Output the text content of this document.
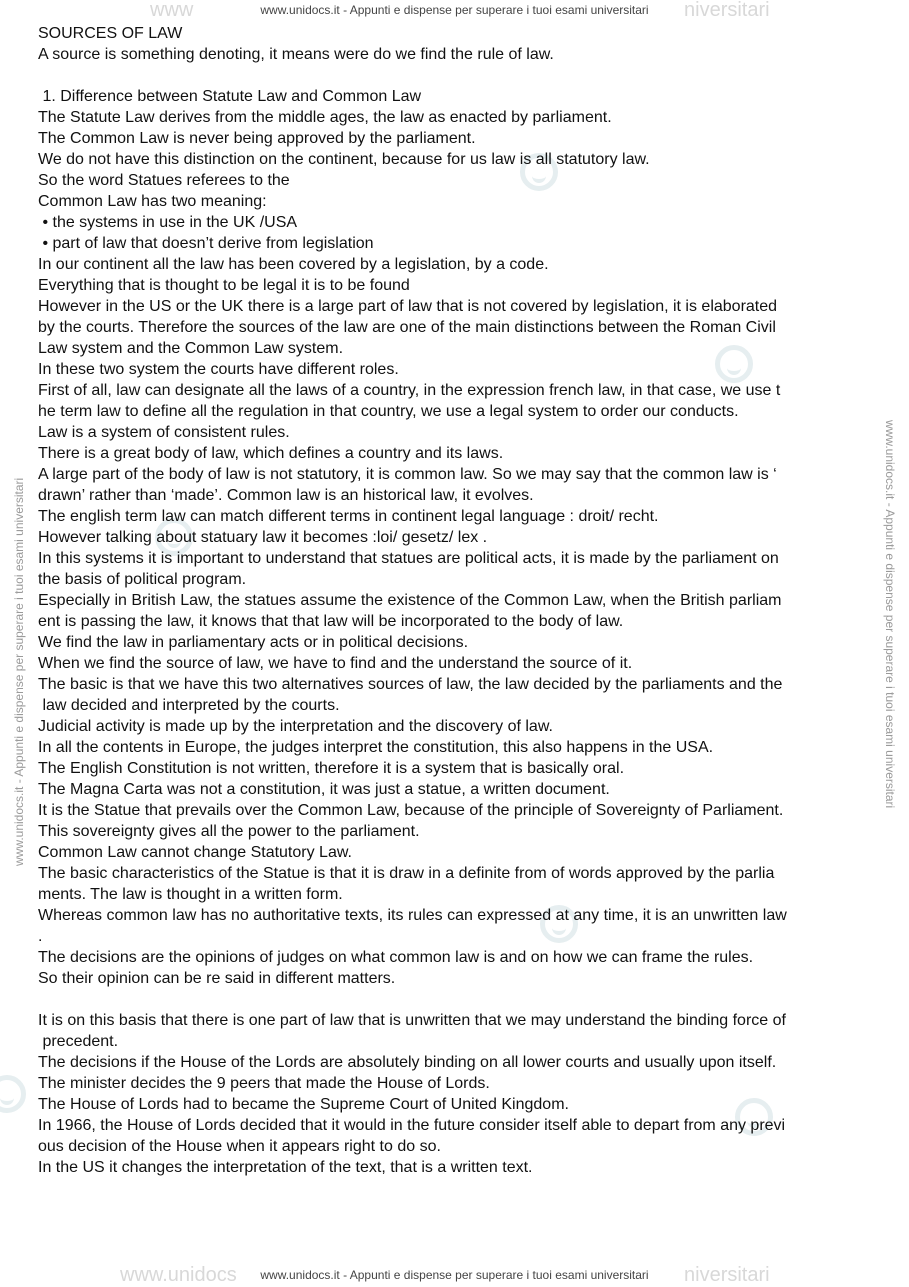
www	www.unidocs.it - Appunti e dispense per superare i tuoi esami universitari niversitari
www.unidocs.it - Appunti e dispense per superare i tuoi esami universitari	www.unidocs.it - Appunti e dispense per superare i tuoi esami universitari
SOURCES OF LAW
A source is something denoting, it means were do we find the rule of law.
1. Difference between Statute Law and Common Law
The Statute Law derives from the middle ages, the law as enacted by parliament.
The Common Law is never being approved by the parliament.
We do not have this distinction on the continent, because for us law is all statutory law.
So the word Statues referees to the
Common Law has two meaning:
• the systems in use in the UK /USA
• part of law that doesn’t derive from legislation
In our continent all the law has been covered by a legislation, by a code.
Everything that is thought to be legal it is to be found
However in the US or the UK there is a large part of law that is not covered by legislation, it is elaborated
by the courts. Therefore the sources of the law are one of the main distinctions between the Roman Civil
Law system and the Common Law system.
In these two system the courts have different roles.
First of all, law can designate all the laws of a country, in the expression french law, in that case, we use t
he term law to define all the regulation in that country, we use a legal system to order our conducts.
Law is a system of consistent rules.
There is a great body of law, which defines a country and its laws.
A large part of the body of law is not statutory, it is common law. So we may say that the common law is ‘
drawn’ rather than ‘made’. Common law is an historical law, it evolves.
The english term law can match different terms in continent legal language : droit/ recht.
However talking about statuary law it becomes :loi/ gesetz/ lex .
In this systems it is important to understand that statues are political acts, it is made by the parliament on
the basis of political program.
Especially in British Law, the statues assume the existence of the Common Law, when the British parliam
ent is passing the law, it knows that that law will be incorporated to the body of law.
We find the law in parliamentary acts or in political decisions.
When we find the source of law, we have to find and the understand the source of it.
The basic is that we have this two alternatives sources of law, the law decided by the parliaments and the
law decided and interpreted by the courts.
Judicial activity is made up by the interpretation and the discovery of law.
In all the contents in Europe, the judges interpret the constitution, this also happens in the USA.
The English Constitution is not written, therefore it is a system that is basically oral.
The Magna Carta was not a constitution, it was just a statue, a written document.
It is the Statue that prevails over the Common Law, because of the principle of Sovereignty of Parliament.
This sovereignty gives all the power to the parliament.
Common Law cannot change Statutory Law.
The basic characteristics of the Statue is that it is draw in a definite from of words approved by the parlia
ments. The law is thought in a written form.
Whereas common law has no authoritative texts, its rules can expressed at any time, it is an unwritten law
.
The decisions are the opinions of judges on what common law is and on how we can frame the rules.
So their opinion can be re said in different matters.
It is on this basis that there is one part of law that is unwritten that we may understand the binding force of
precedent.
The decisions if the House of the Lords are absolutely binding on all lower courts and usually upon itself.
The minister decides the 9 peers that made the House of Lords.
The House of Lords had to became the Supreme Court of United Kingdom.
In 1966, the House of Lords decided that it would in the future consider itself able to depart from any previ
ous decision of the House when it appears right to do so.
In the US it changes the interpretation of the text, that is a written text.
www.unidocs www.unidocs.it - Appunti e dispense per superare i tuoi esami universitari niversitari
